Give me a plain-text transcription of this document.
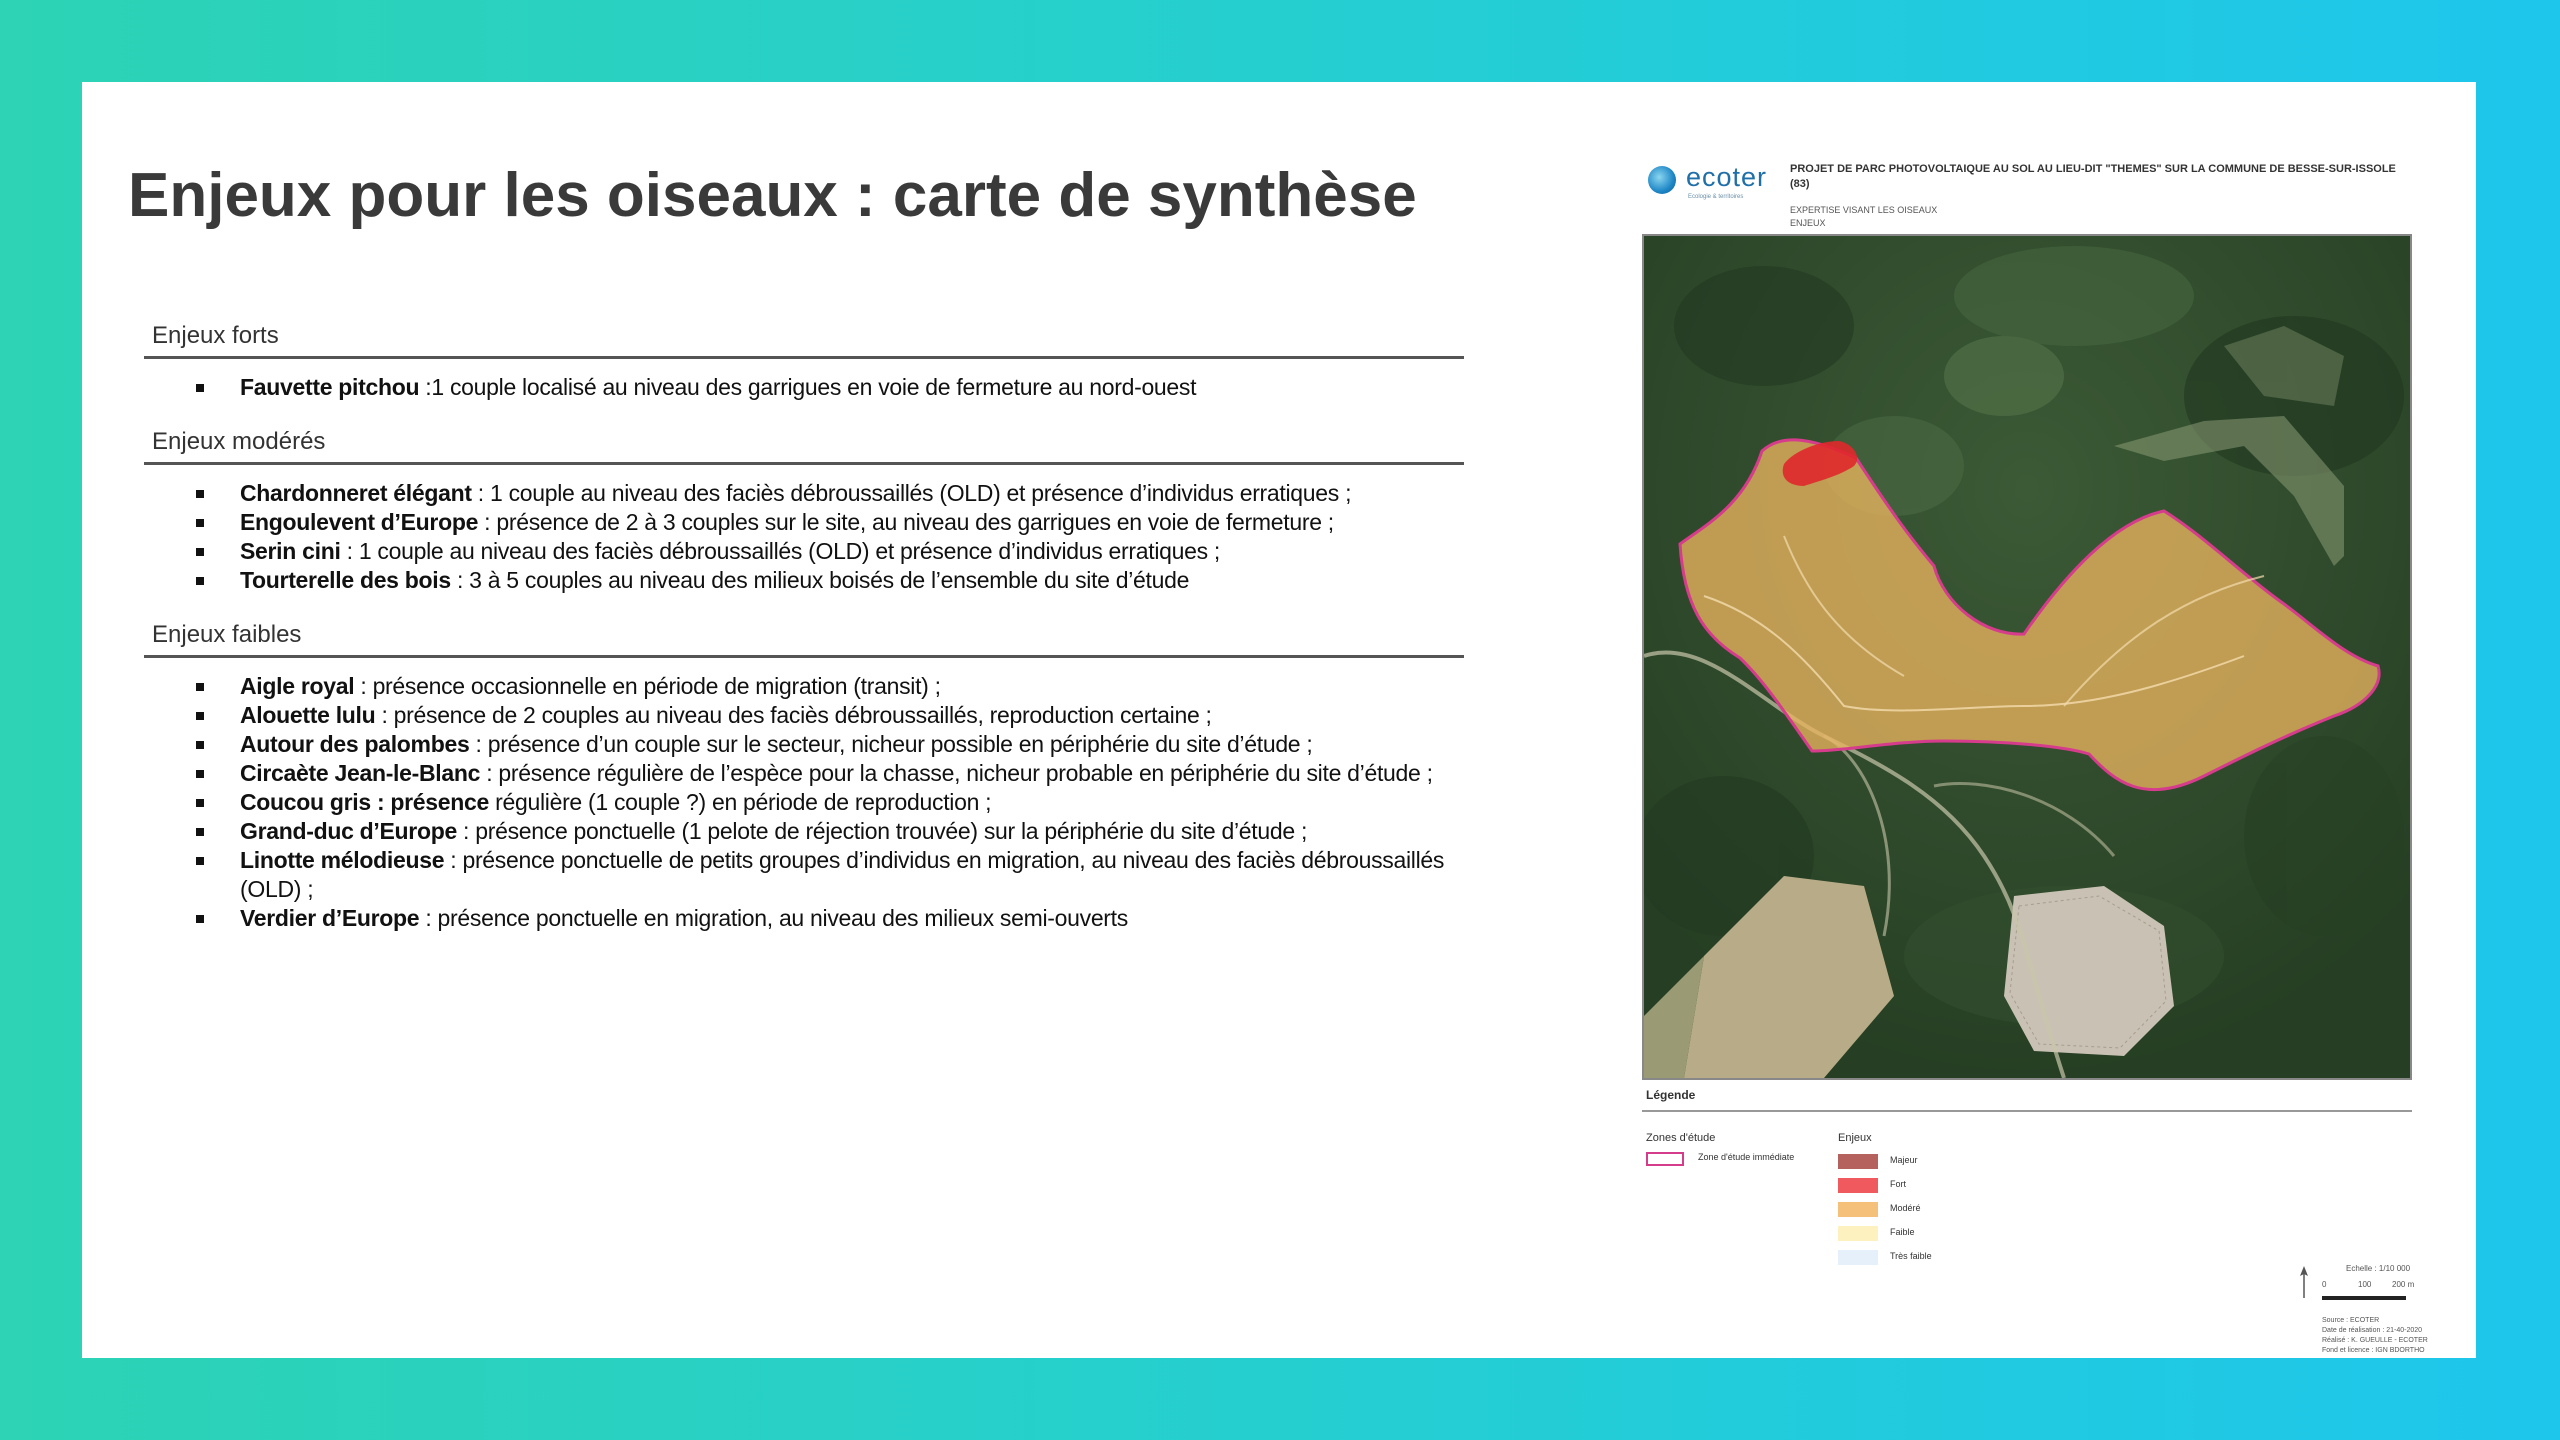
Enjeux pour les oiseaux : carte de synthèse
Enjeux forts
Fauvette pitchou :1 couple localisé au niveau des garrigues en voie de fermeture au nord-ouest
Enjeux modérés
Chardonneret élégant : 1 couple au niveau des faciès débroussaillés (OLD) et présence d’individus erratiques ;
Engoulevent d’Europe : présence de 2 à 3 couples sur le site, au niveau des garrigues en voie de fermeture ;
Serin cini : 1 couple au niveau des faciès débroussaillés (OLD) et présence d’individus erratiques ;
Tourterelle des bois : 3 à 5 couples au niveau des milieux boisés de l’ensemble du site d’étude
Enjeux faibles
Aigle royal : présence occasionnelle en période de migration (transit) ;
Alouette lulu : présence de 2 couples au niveau des faciès débroussaillés, reproduction certaine ;
Autour des palombes : présence d’un couple sur le secteur, nicheur possible en périphérie du site d’étude ;
Circaète Jean-le-Blanc : présence régulière de l’espèce pour la chasse, nicheur probable en périphérie du site d’étude ;
Coucou gris : présence régulière (1 couple ?) en période de reproduction ;
Grand-duc d’Europe : présence ponctuelle (1 pelote de réjection trouvée) sur la périphérie du site d’étude ;
Linotte mélodieuse : présence ponctuelle de petits groupes d’individus en migration, au niveau des faciès débroussaillés (OLD) ;
Verdier d’Europe : présence ponctuelle en migration, au niveau des milieux semi-ouverts
ecoter
Ecologie & territoires
PROJET DE PARC PHOTOVOLTAIQUE AU SOL AU LIEU-DIT "THEMES" SUR LA COMMUNE DE BESSE-SUR-ISSOLE (83)
EXPERTISE VISANT LES OISEAUX
ENJEUX
Légende
Zones d'étude
Zone d'étude immédiate
Enjeux
Majeur
Fort
Modéré
Faible
Très faible
Echelle : 1/10 000
0	100	200 m
Source : ECOTER
Date de réalisation : 21-40-2020
Réalisé : K. GUEULLE - ECOTER
Fond et licence : IGN BDORTHO
